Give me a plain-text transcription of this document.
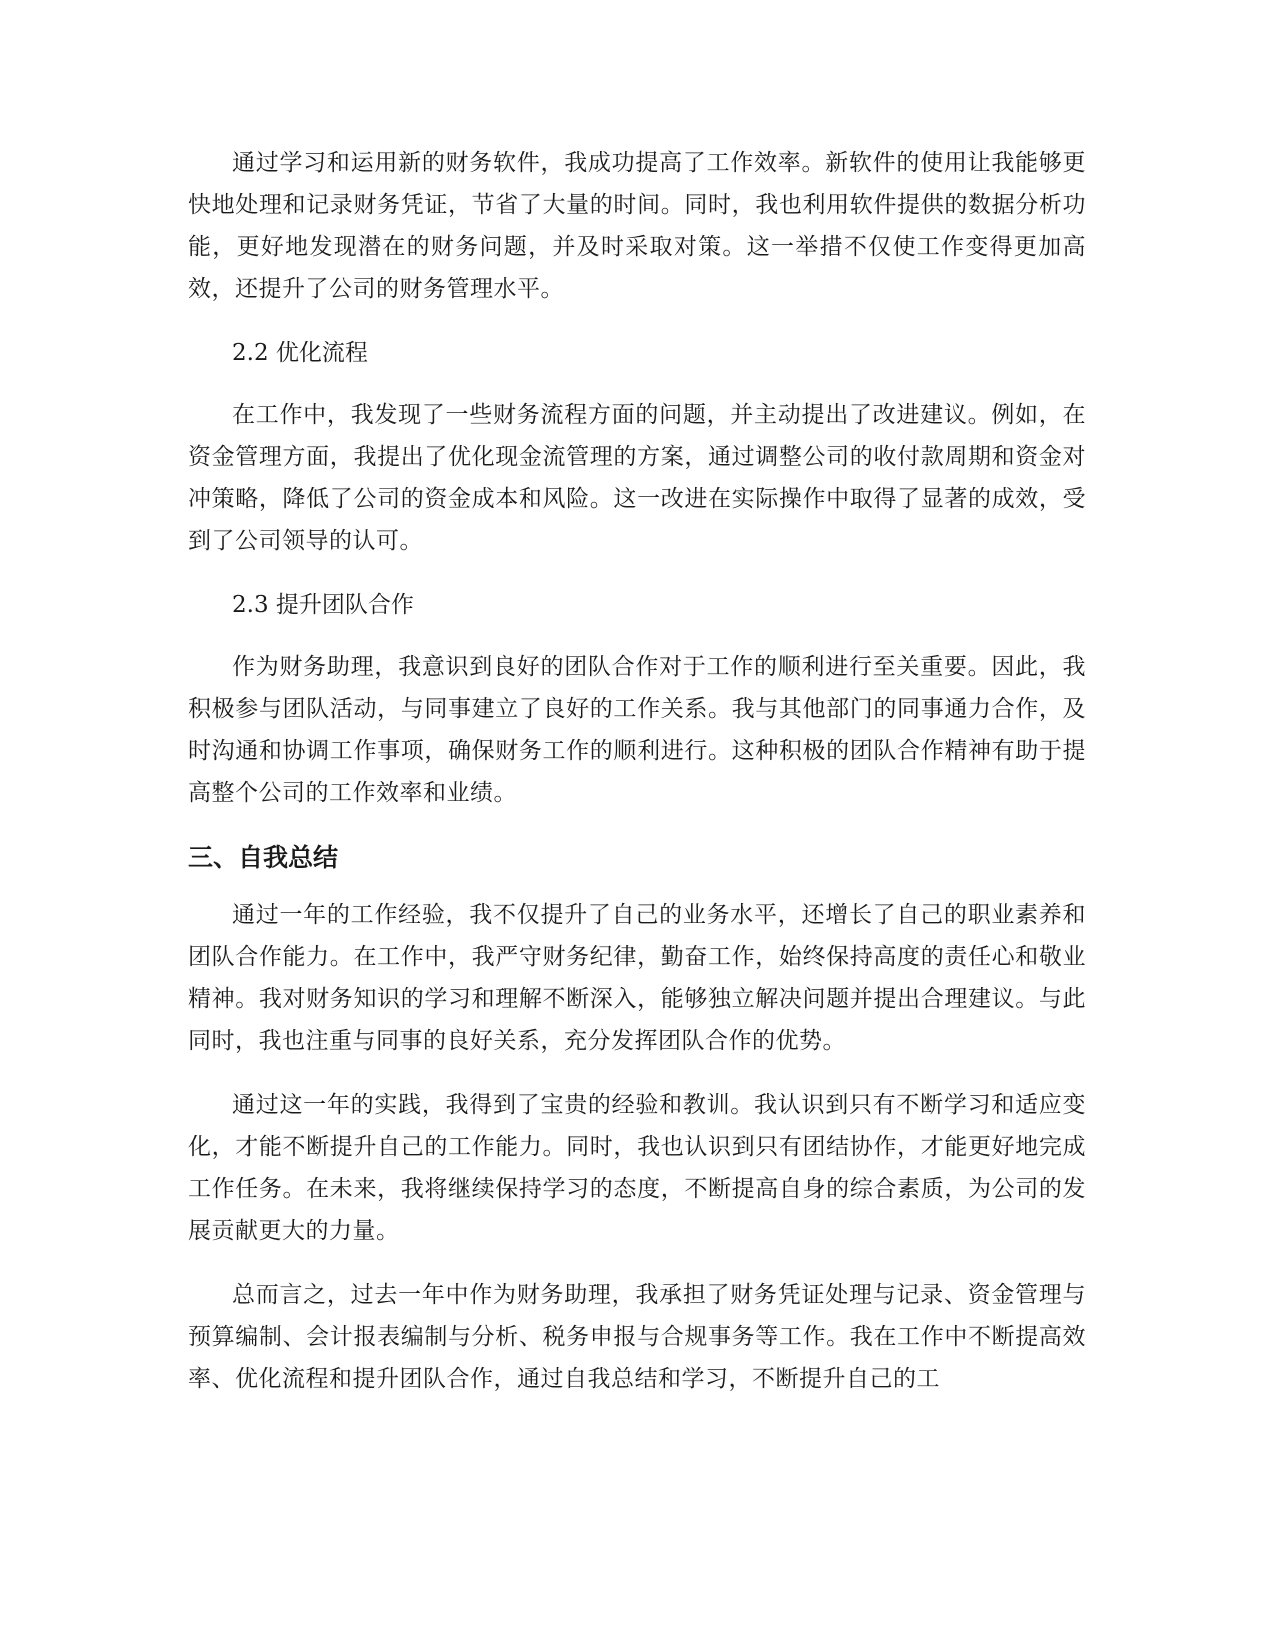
通过学习和运用新的财务软件，我成功提高了工作效率。新软件的使用让我能够更快地处理和记录财务凭证，节省了大量的时间。同时，我也利用软件提供的数据分析功能，更好地发现潜在的财务问题，并及时采取对策。这一举措不仅使工作变得更加高效，还提升了公司的财务管理水平。

2.2 优化流程

在工作中，我发现了一些财务流程方面的问题，并主动提出了改进建议。例如，在资金管理方面，我提出了优化现金流管理的方案，通过调整公司的收付款周期和资金对冲策略，降低了公司的资金成本和风险。这一改进在实际操作中取得了显著的成效，受到了公司领导的认可。

2.3 提升团队合作

作为财务助理，我意识到良好的团队合作对于工作的顺利进行至关重要。因此，我积极参与团队活动，与同事建立了良好的工作关系。我与其他部门的同事通力合作，及时沟通和协调工作事项，确保财务工作的顺利进行。这种积极的团队合作精神有助于提高整个公司的工作效率和业绩。

三、自我总结

通过一年的工作经验，我不仅提升了自己的业务水平，还增长了自己的职业素养和团队合作能力。在工作中，我严守财务纪律，勤奋工作，始终保持高度的责任心和敬业精神。我对财务知识的学习和理解不断深入，能够独立解决问题并提出合理建议。与此同时，我也注重与同事的良好关系，充分发挥团队合作的优势。

通过这一年的实践，我得到了宝贵的经验和教训。我认识到只有不断学习和适应变化，才能不断提升自己的工作能力。同时，我也认识到只有团结协作，才能更好地完成工作任务。在未来，我将继续保持学习的态度，不断提高自身的综合素质，为公司的发展贡献更大的力量。

总而言之，过去一年中作为财务助理，我承担了财务凭证处理与记录、资金管理与预算编制、会计报表编制与分析、税务申报与合规事务等工作。我在工作中不断提高效率、优化流程和提升团队合作，通过自我总结和学习，不断提升自己的工
